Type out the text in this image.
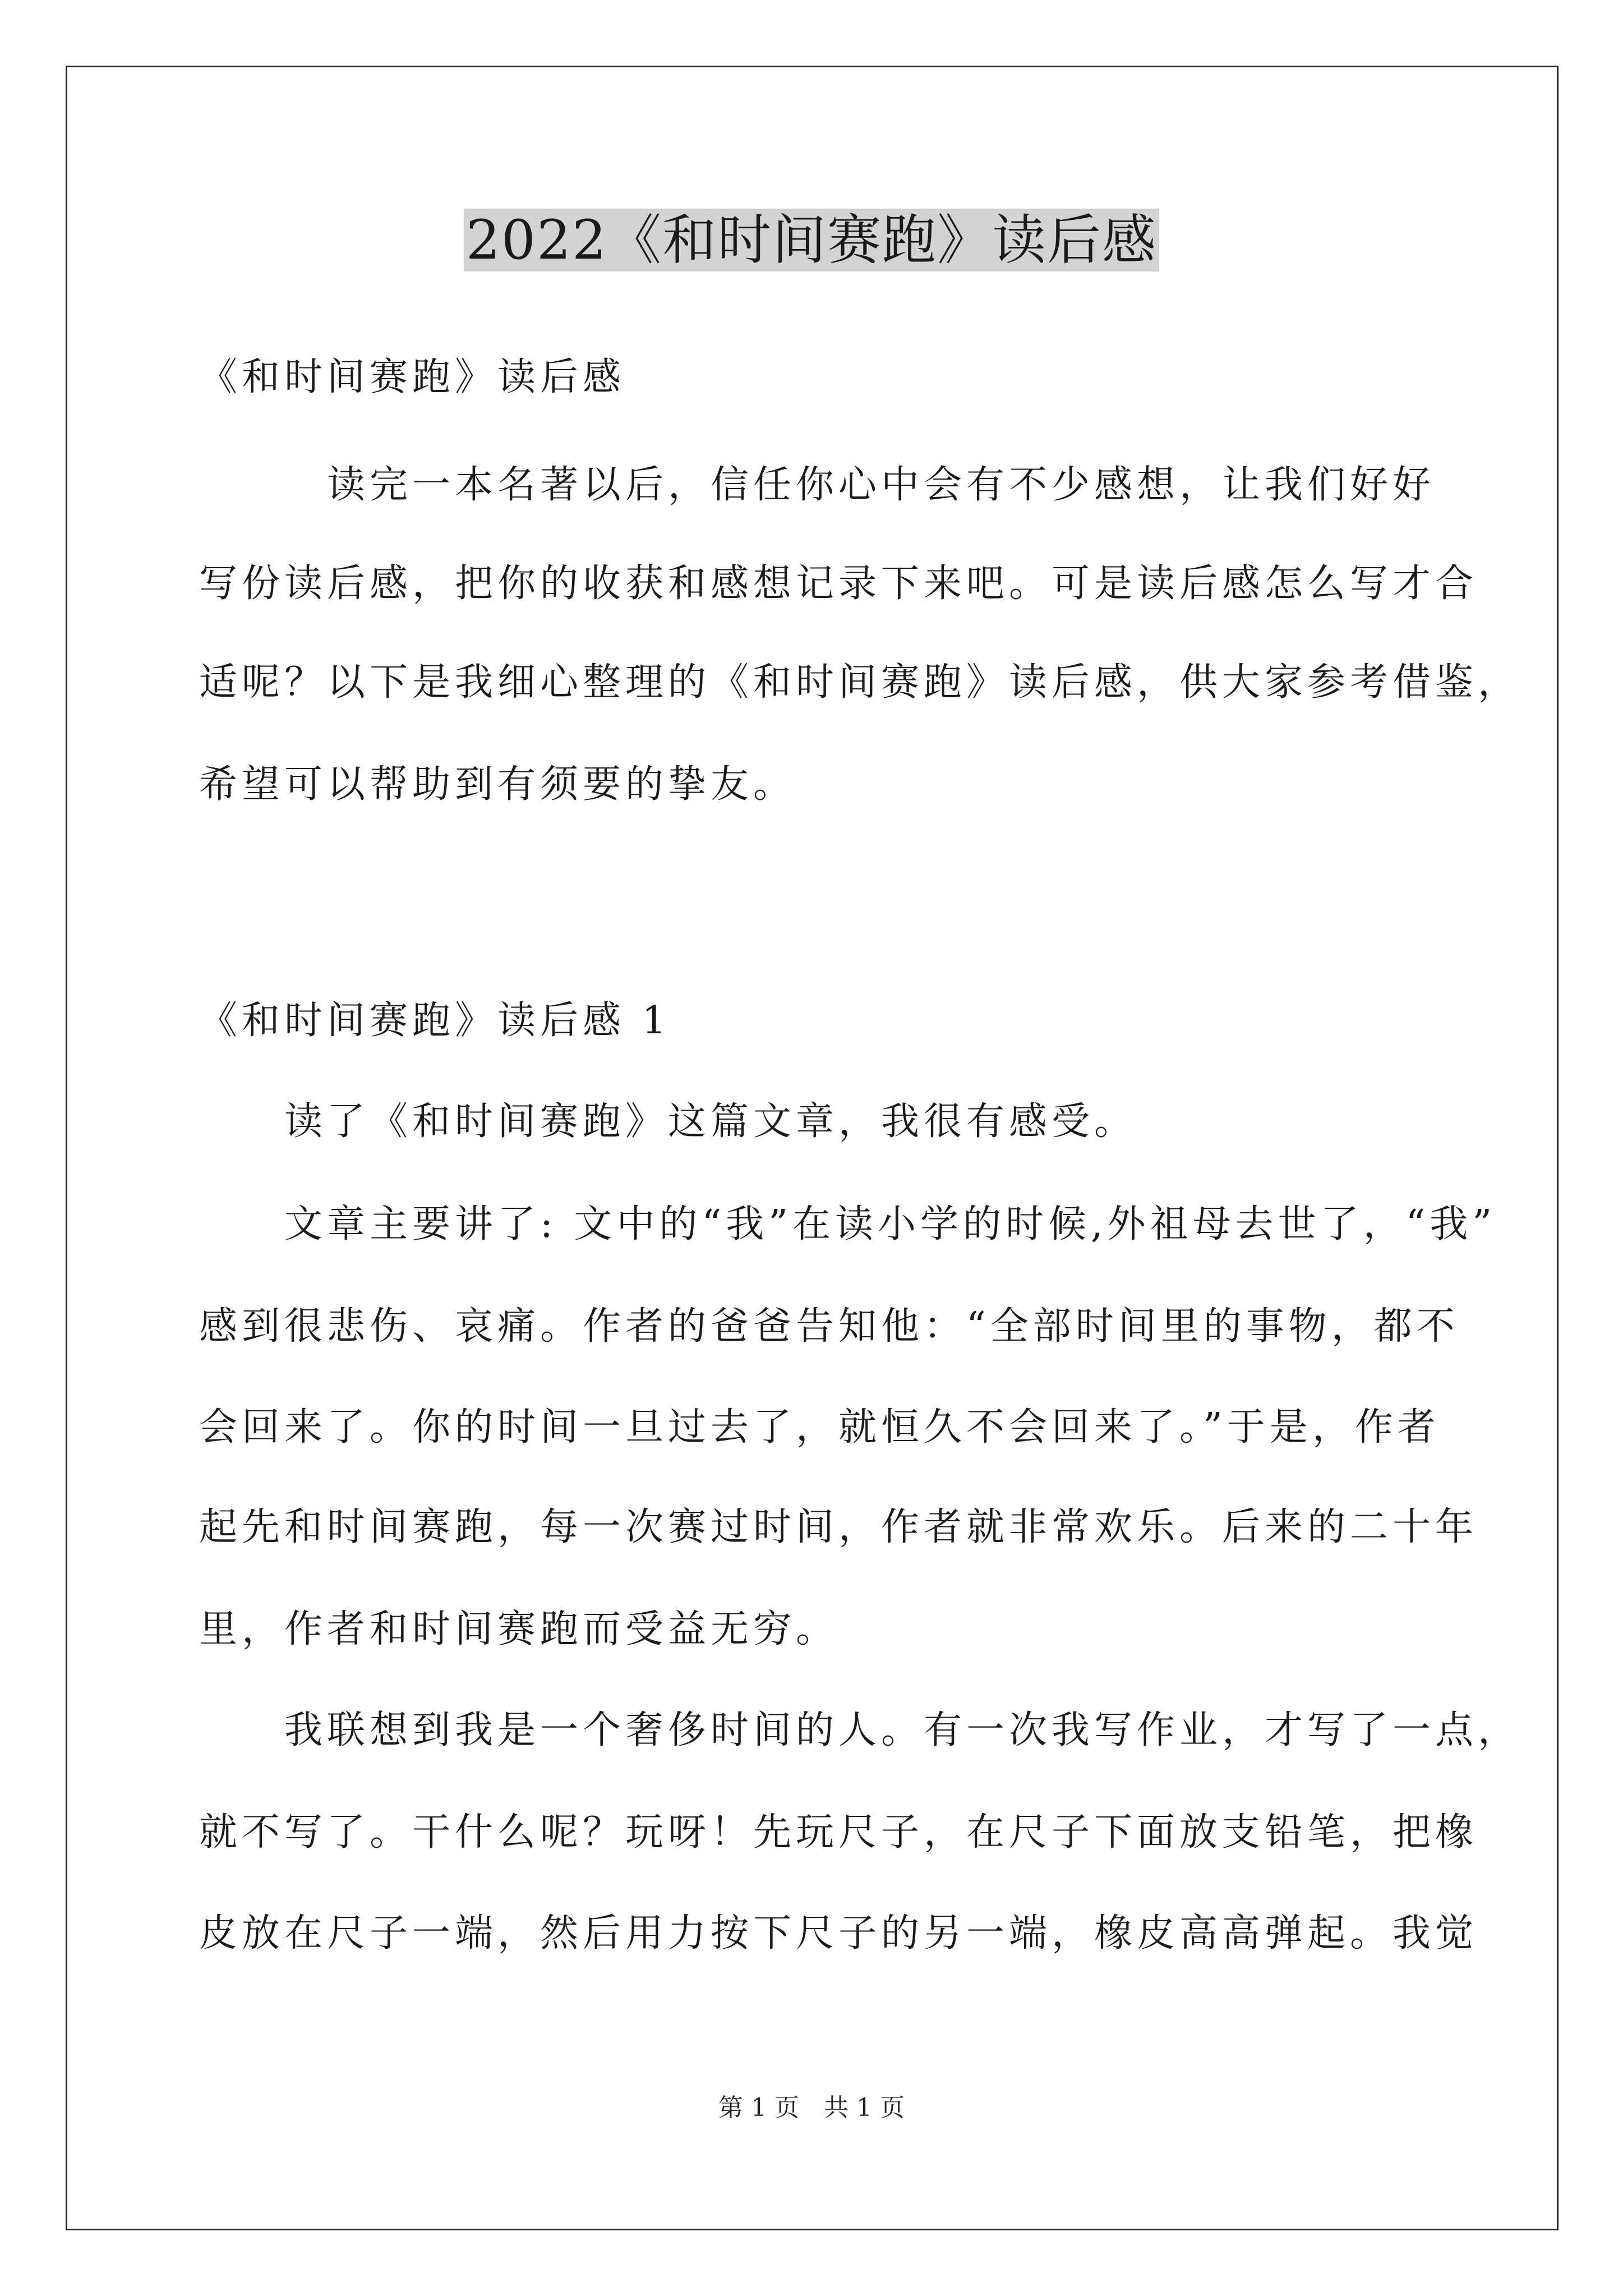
2022《和时间赛跑》读后感
《和时间赛跑》读后感
　　　读完一本名著以后，信任你心中会有不少感想，让我们好好
写份读后感，把你的收获和感想记录下来吧。可是读后感怎么写才合
适呢？以下是我细心整理的《和时间赛跑》读后感，供大家参考借鉴，
希望可以帮助到有须要的挚友。
《和时间赛跑》读后感 1
　　读了《和时间赛跑》这篇文章，我很有感受。
　　文章主要讲了: 文中的“我”在读小学的时候,外祖母去世了，“我”
感到很悲伤、哀痛。作者的爸爸告知他：“全部时间里的事物，都不
会回来了。你的时间一旦过去了，就恒久不会回来了。”于是，作者
起先和时间赛跑，每一次赛过时间，作者就非常欢乐。后来的二十年
里，作者和时间赛跑而受益无穷。
　　我联想到我是一个奢侈时间的人。有一次我写作业，才写了一点，
就不写了。干什么呢？玩呀！先玩尺子，在尺子下面放支铅笔，把橡
皮放在尺子一端，然后用力按下尺子的另一端，橡皮高高弹起。我觉
第 1 页　共 1 页
